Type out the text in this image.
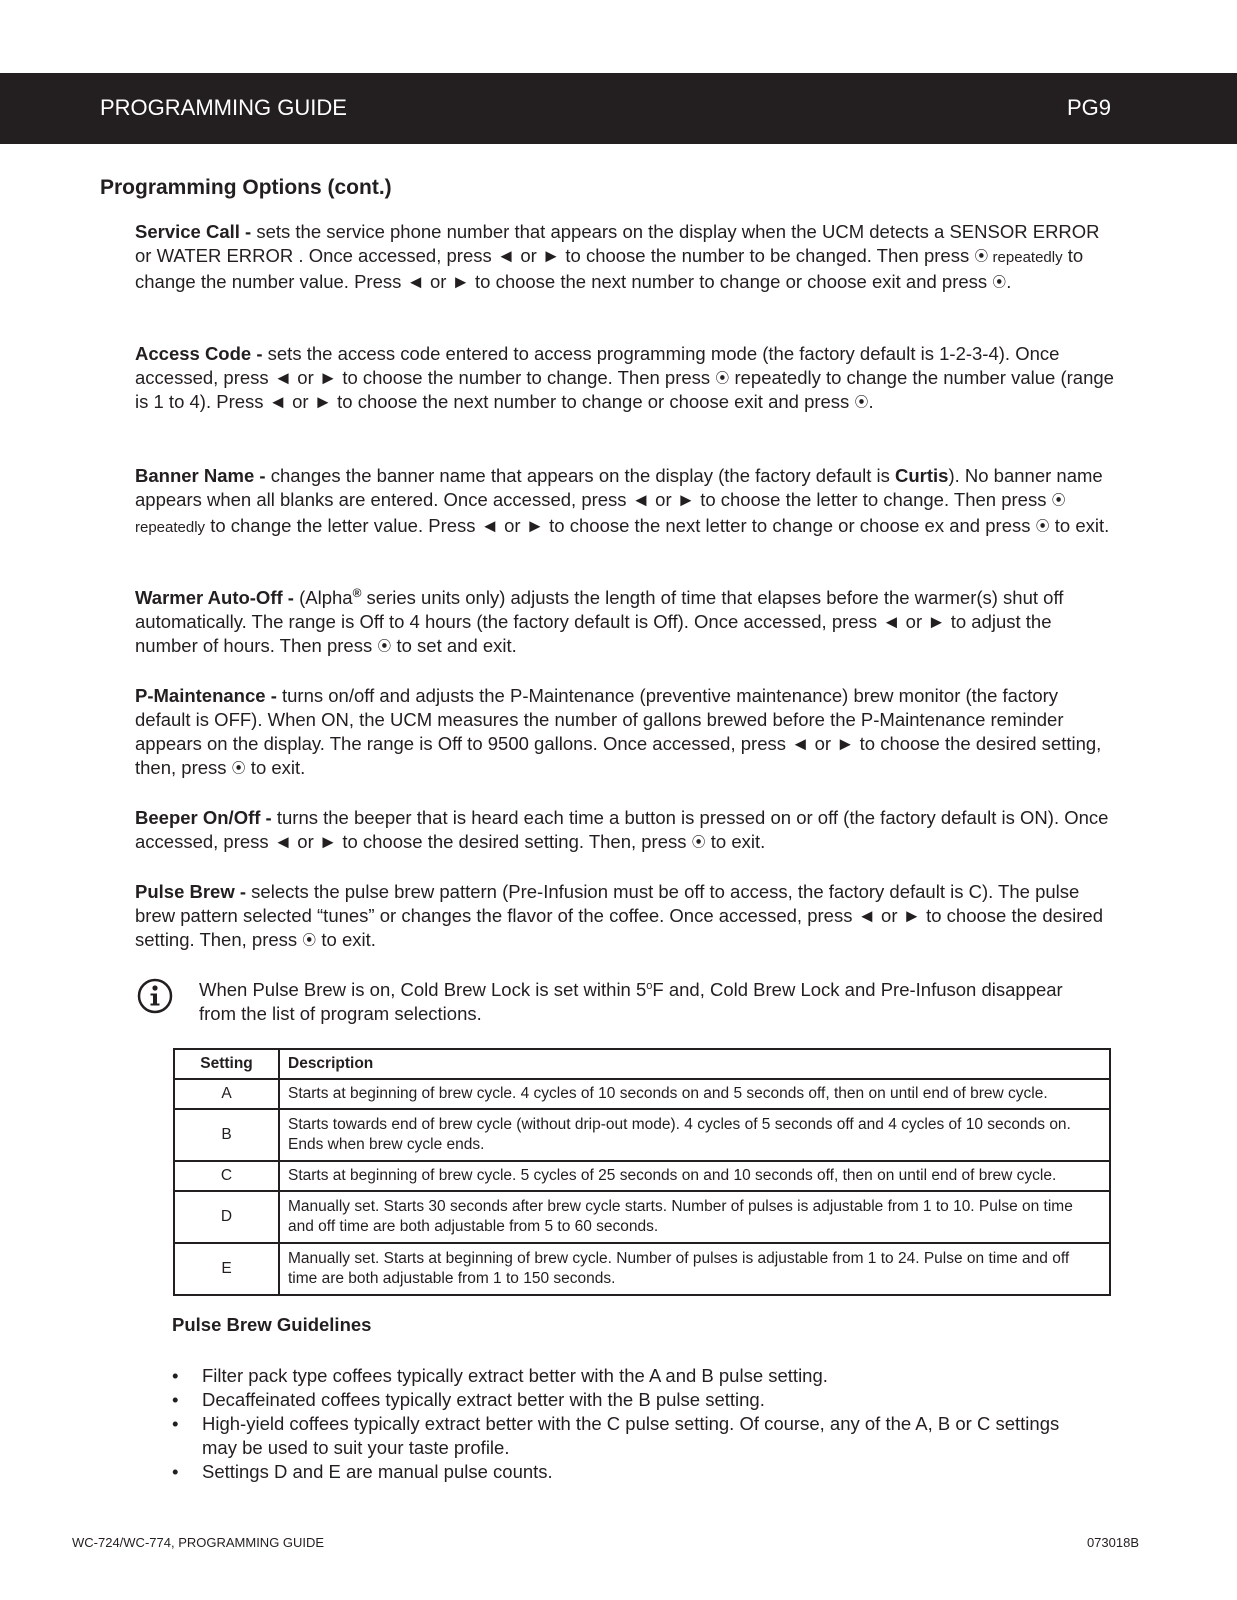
PROGRAMMING GUIDE	PG9
Programming Options (cont.)

Service Call - sets the service phone number that appears on the display when the UCM detects a SENSOR ERROR or WATER ERROR . Once accessed, press ◄ or ► to choose the number to be changed. Then press ⦿ repeatedly to change the number value. Press ◄ or ► to choose the next number to change or choose exit and press ⦿.

Access Code - sets the access code entered to access programming mode (the factory default is 1-2-3-4). Once accessed, press ◄ or ► to choose the number to change. Then press ⦿ repeatedly to change the number value (range is 1 to 4). Press ◄ or ► to choose the next number to change or choose exit and press ⦿.

Banner Name - changes the banner name that appears on the display (the factory default is Curtis). No banner name appears when all blanks are entered. Once accessed, press ◄ or ► to choose the letter to change. Then press ⦿ repeatedly to change the letter value. Press ◄ or ► to choose the next letter to change or choose ex and press ⦿ to exit.

Warmer Auto-Off - (Alpha® series units only) adjusts the length of time that elapses before the warmer(s) shut off automatically. The range is Off to 4 hours (the factory default is Off). Once accessed, press ◄ or ► to adjust the number of hours. Then press ⦿ to set and exit.

P-Maintenance - turns on/off and adjusts the P-Maintenance (preventive maintenance) brew monitor (the factory default is OFF). When ON, the UCM measures the number of gallons brewed before the P-Maintenance reminder appears on the display. The range is Off to 9500 gallons. Once accessed, press ◄ or ► to choose the desired setting, then, press ⦿ to exit.

Beeper On/Off - turns the beeper that is heard each time a button is pressed on or off (the factory default is ON). Once accessed, press ◄ or ► to choose the desired setting. Then, press ⦿ to exit.

Pulse Brew - selects the pulse brew pattern (Pre-Infusion must be off to access, the factory default is C). The pulse brew pattern selected “tunes” or changes the flavor of the coffee. Once accessed, press ◄ or ► to choose the desired setting. Then, press ⦿ to exit.

When Pulse Brew is on, Cold Brew Lock is set within 5$^o$F and, Cold Brew Lock and Pre-Infuson disappear from the list of program selections.

Setting	Description
A	Starts at beginning of brew cycle. 4 cycles of 10 seconds on and 5 seconds off, then on until end of brew cycle.
B	Starts towards end of brew cycle (without drip-out mode). 4 cycles of 5 seconds off and 4 cycles of 10 seconds on. Ends when brew cycle ends.
C	Starts at beginning of brew cycle. 5 cycles of 25 seconds on and 10 seconds off, then on until end of brew cycle.
D	Manually set. Starts 30 seconds after brew cycle starts. Number of pulses is adjustable from 1 to 10. Pulse on time and off time are both adjustable from 5 to 60 seconds.
E	Manually set. Starts at beginning of brew cycle. Number of pulses is adjustable from 1 to 24. Pulse on time and off time are both adjustable from 1 to 150 seconds.
Pulse Brew Guidelines
• Filter pack type coffees typically extract better with the A and B pulse setting.
• Decaffeinated coffees typically extract better with the B pulse setting.
• High-yield coffees typically extract better with the C pulse setting. Of course, any of the A, B or C settings may be used to suit your taste profile.
• Settings D and E are manual pulse counts.
WC-724/WC-774, PROGRAMMING GUIDE	073018B
